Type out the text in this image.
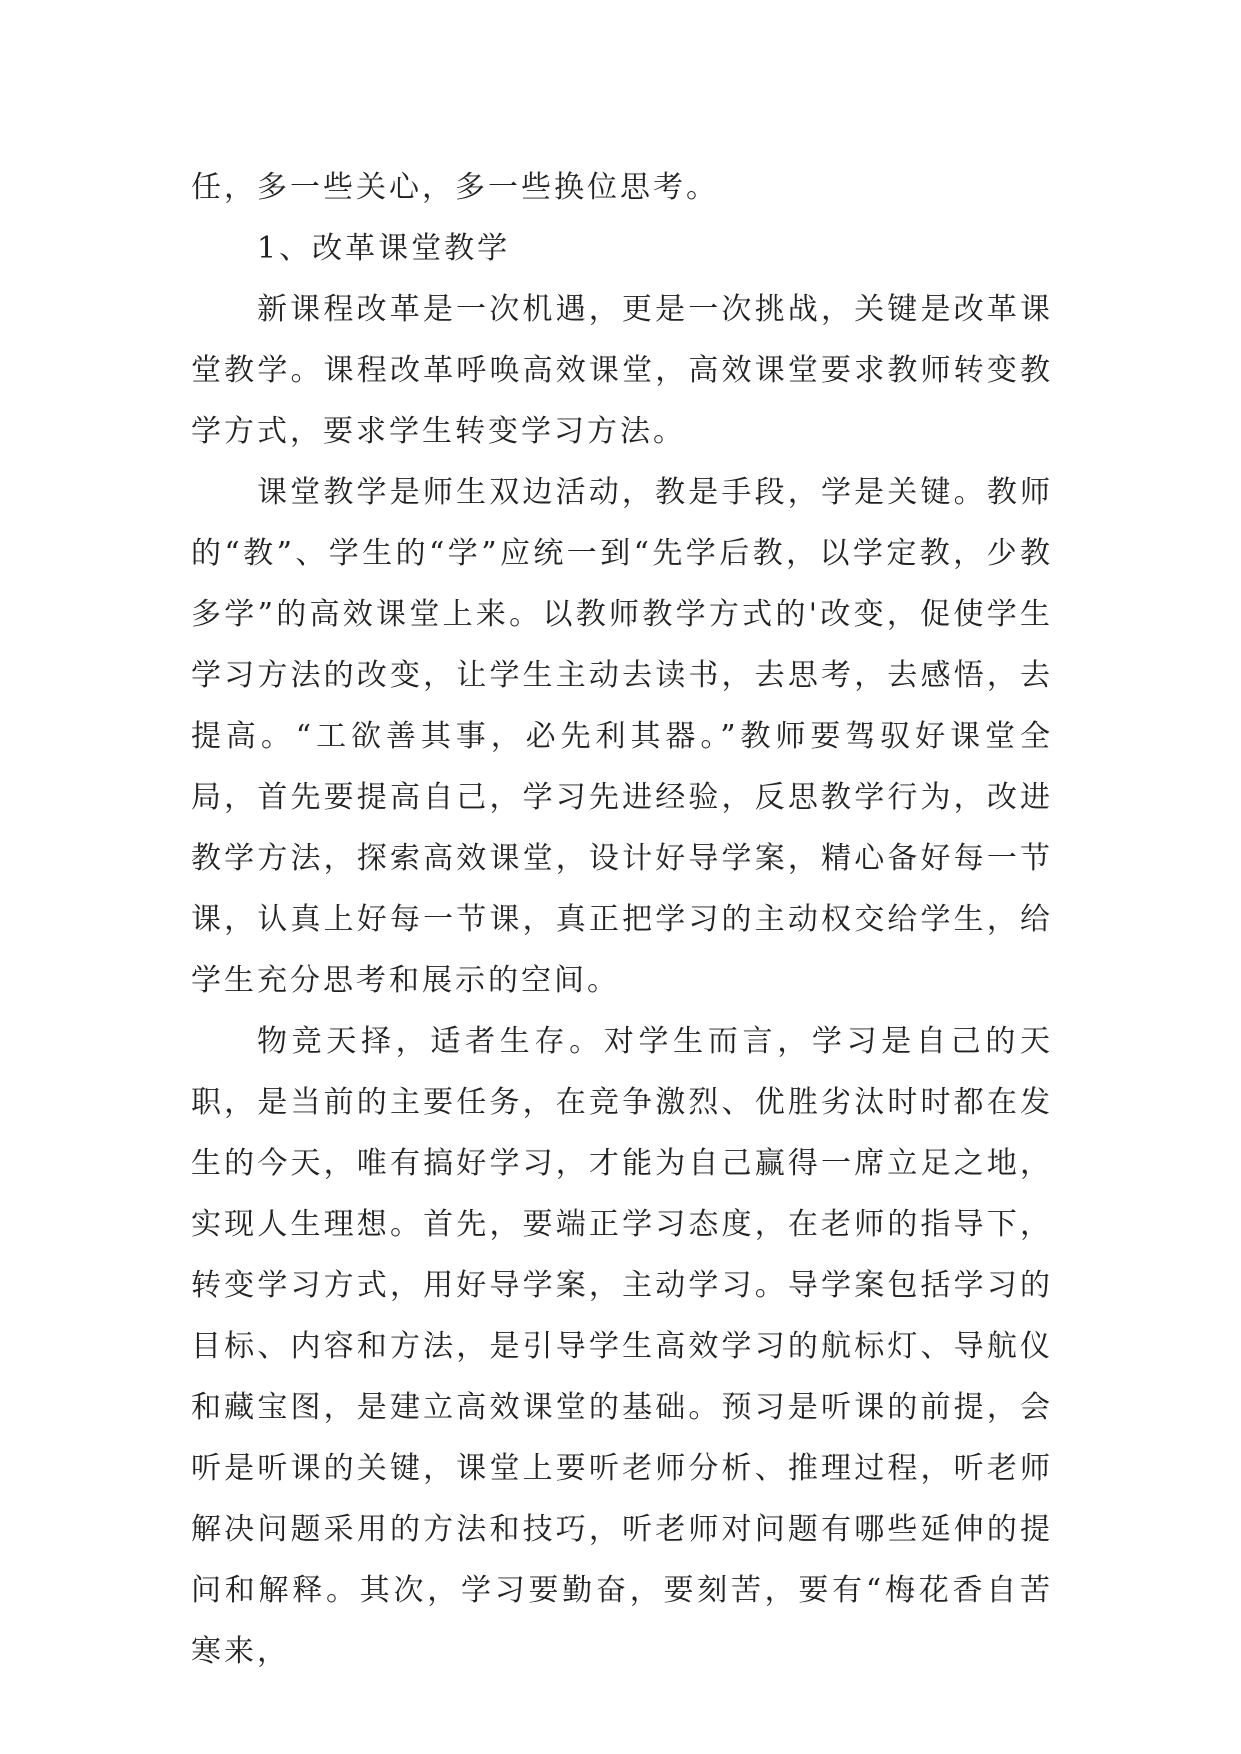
任，多一些关心，多一些换位思考。

1、改革课堂教学

新课程改革是一次机遇，更是一次挑战，关键是改革课堂教学。课程改革呼唤高效课堂，高效课堂要求教师转变教学方式，要求学生转变学习方法。

课堂教学是师生双边活动，教是手段，学是关键。教师的“教”、学生的“学”应统一到“先学后教，以学定教，少教多学”的高效课堂上来。以教师教学方式的'改变，促使学生学习方法的改变，让学生主动去读书，去思考，去感悟，去提高。“工欲善其事，必先利其器。”教师要驾驭好课堂全局，首先要提高自己，学习先进经验，反思教学行为，改进教学方法，探索高效课堂，设计好导学案，精心备好每一节课，认真上好每一节课，真正把学习的主动权交给学生，给学生充分思考和展示的空间。

物竞天择，适者生存。对学生而言，学习是自己的天职，是当前的主要任务，在竞争激烈、优胜劣汰时时都在发生的今天，唯有搞好学习，才能为自己赢得一席立足之地，实现人生理想。首先，要端正学习态度，在老师的指导下，转变学习方式，用好导学案，主动学习。导学案包括学习的目标、内容和方法，是引导学生高效学习的航标灯、导航仪和藏宝图，是建立高效课堂的基础。预习是听课的前提，会听是听课的关键，课堂上要听老师分析、推理过程，听老师解决问题采用的方法和技巧，听老师对问题有哪些延伸的提问和解释。其次，学习要勤奋，要刻苦，要有“梅花香自苦寒来，
